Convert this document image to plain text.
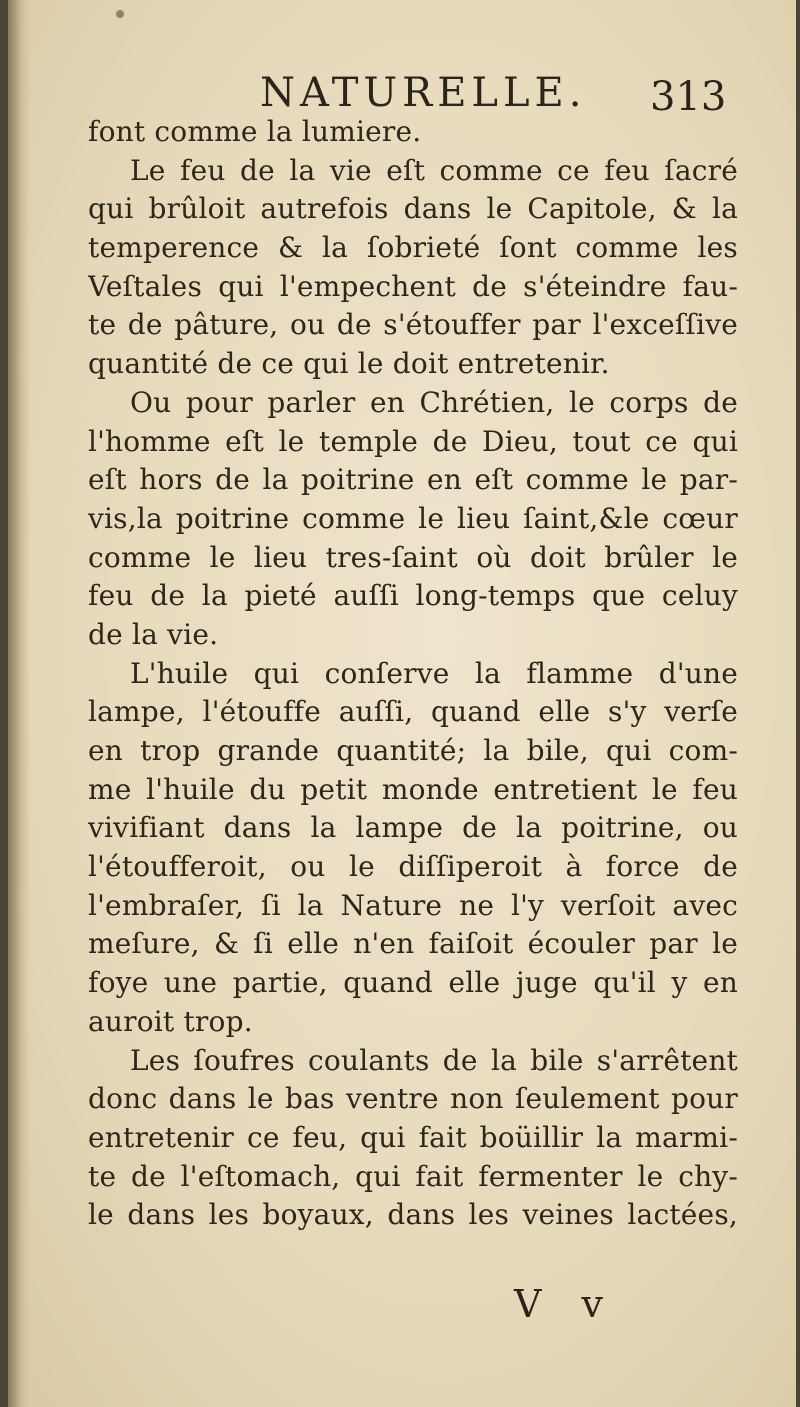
NATURELLE. 313
font comme la lumiere.
Le feu de la vie eſt comme ce feu ſacré
qui brûloit autrefois dans le Capitole, & la
temperence & la ſobrieté ſont comme les
Veſtales qui l'empechent de s'éteindre fau-
te de pâture, ou de s'étouffer par l'exceſſive
quantité de ce qui le doit entretenir.
Ou pour parler en Chrétien, le corps de
l'homme eſt le temple de Dieu, tout ce qui
eſt hors de la poitrine en eſt comme le par-
vis,la poitrine comme le lieu ſaint,&le cœur
comme le lieu tres-ſaint où doit brûler le
feu de la pieté auſſi long-temps que celuy
de la vie.
L'huile qui conſerve la flamme d'une
lampe, l'étouffe auſſi, quand elle s'y verſe
en trop grande quantité; la bile, qui com-
me l'huile du petit monde entretient le feu
vivifiant dans la lampe de la poitrine, ou
l'étoufferoit, ou le diſſiperoit à force de
l'embraſer, ſi la Nature ne l'y verſoit avec
meſure, & ſi elle n'en faiſoit écouler par le
foye une partie, quand elle juge qu'il y en
auroit trop.
Les ſoufres coulants de la bile s'arrêtent
donc dans le bas ventre non ſeulement pour
entretenir ce feu, qui fait boüillir la marmi-
te de l'eſtomach, qui fait fermenter le chy-
le dans les boyaux, dans les veines lactées,
V v
